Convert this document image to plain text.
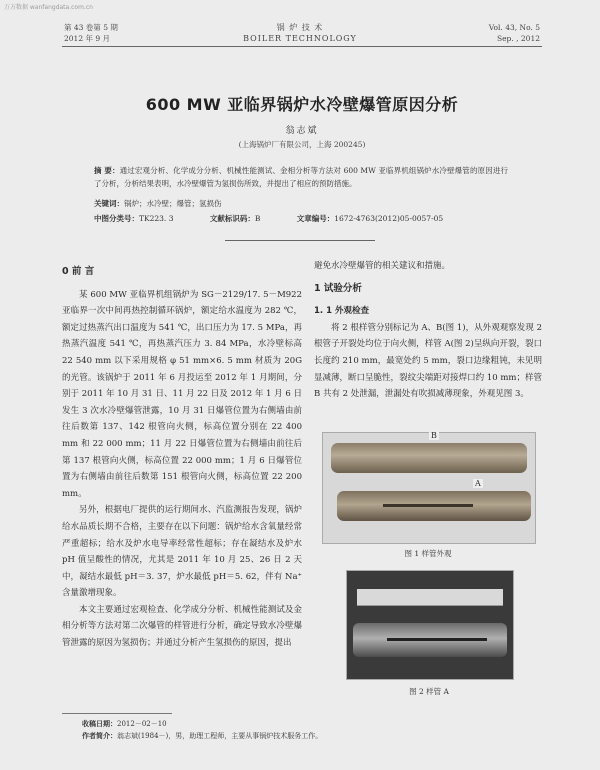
万方数据 wanfangdata.com.cn
第 43 卷第 5 期
2012 年 9 月
锅 炉 技 术
BOILER TECHNOLOGY
Vol. 43, No. 5
Sep. , 2012
600 MW 亚临界锅炉水冷壁爆管原因分析
翁志斌
(上海锅炉厂有限公司，上海 200245)
摘 要：通过宏观分析、化学成分分析、机械性能测试、金相分析等方法对 600 MW 亚临界机组锅炉水冷壁爆管的原因进行了分析，分析结果表明，水冷壁爆管为氢损伤所致，并提出了相应的预防措施。
关键词：锅炉；水冷壁；爆管；氢损伤
中图分类号：TK223. 3	文献标识码：B	文章编号：1672-4763(2012)05-0057-05
0 前 言

某 600 MW 亚临界机组锅炉为 SG－2129/17. 5－M922 亚临界一次中间再热控制循环锅炉，额定给水温度为 282 ℃，额定过热蒸汽出口温度为 541 ℃，出口压力为 17. 5 MPa，再热蒸汽温度 541 ℃，再热蒸汽压力 3. 84 MPa，水冷壁标高 22 540 mm 以下采用规格 φ 51 mm×6. 5 mm 材质为 20G 的光管。该锅炉于 2011 年 6 月投运至 2012 年 1 月期间，分别于 2011 年 10 月 31 日、11 月 22 日及 2012 年 1 月 6 日发生 3 次水冷壁爆管泄露，10 月 31 日爆管位置为右侧墙由前往后数第 137、142 根管向火侧，标高位置分别在 22 400 mm 和 22 000 mm；11 月 22 日爆管位置为右侧墙由前往后第 137 根管向火侧，标高位置 22 000 mm；1 月 6 日爆管位置为右侧墙由前往后数第 151 根管向火侧，标高位置 22 200 mm。

另外，根据电厂提供的运行期间水、汽监测报告发现，锅炉给水品质长期不合格，主要存在以下问题：锅炉给水含氧量经常严重超标；给水及炉水电导率经常性超标；存在凝结水及炉水 pH 值呈酸性的情况，尤其是 2011 年 10 月 25、26 日 2 天中，凝结水最低 pH＝3. 37，炉水最低 pH＝5. 62，伴有 Na⁺ 含量激增现象。

本文主要通过宏观检查、化学成分分析、机械性能测试及金相分析等方法对第二次爆管的样管进行分析，确定导致水冷壁爆管泄露的原因为氢损伤；并通过分析产生氢损伤的原因，提出

避免水冷壁爆管的相关建议和措施。

1 试验分析
1. 1 外观检查

将 2 根样管分别标记为 A、B(图 1)，从外观观察发现 2 根管子开裂处均位于向火侧，样管 A(图 2)呈纵向开裂，裂口长度约 210 mm，最宽处约 5 mm，裂口边缘粗钝，未见明显减薄，断口呈脆性，裂纹尖端距对接焊口约 10 mm；样管 B 共有 2 处泄漏，泄漏处有吹损减薄现象，外观见图 3。

B
A
图 1 样管外观
图 2 样管 A
收稿日期：2012－02－10
作者简介：翁志斌(1984－)，男，助理工程师，主要从事锅炉技术服务工作。
